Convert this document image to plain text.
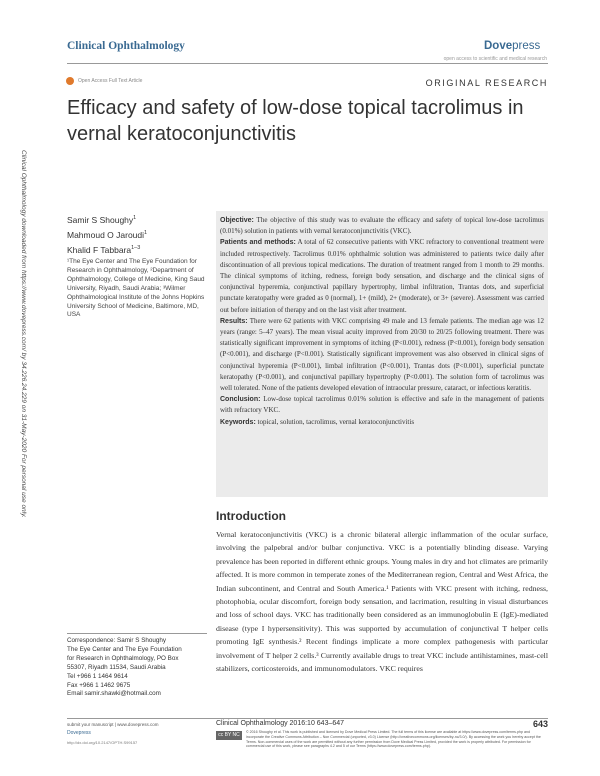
Clinical Ophthalmology	Dovepress
open access to scientific and medical research
Open Access Full Text Article	ORIGINAL RESEARCH
Efficacy and safety of low-dose topical tacrolimus in vernal keratoconjunctivitis
Clinical Ophthalmology downloaded from https://www.dovepress.com/ by 34.226.24.229 on 31-May-2020 For personal use only.	Samir S Shoughy$^1$
Mahmoud O Jaroudi$^1$
Khalid F Tabbara$^{1-3}$
¹The Eye Center and The Eye Foundation for Research in Ophthalmology, ²Department of Ophthalmology, College of Medicine, King Saud University, Riyadh, Saudi Arabia; ³Wilmer Ophthalmological Institute of the Johns Hopkins University School of Medicine, Baltimore, MD, USA

Objective: The objective of this study was to evaluate the efficacy and safety of topical low-dose tacrolimus (0.01%) solution in patients with vernal keratoconjunctivitis (VKC).

Patients and methods: A total of 62 consecutive patients with VKC refractory to conventional treatment were included retrospectively. Tacrolimus 0.01% ophthalmic solution was administered to patients twice daily after discontinuation of all previous topical medications. The duration of treatment ranged from 1 month to 29 months. The clinical symptoms of itching, redness, foreign body sensation, and discharge and the clinical signs of conjunctival hyperemia, conjunctival papillary hypertrophy, limbal infiltration, Trantas dots, and superficial punctate keratopathy were graded as 0 (normal), 1+ (mild), 2+ (moderate), or 3+ (severe). Assessment was carried out before initiation of therapy and on the last visit after treatment.

Results: There were 62 patients with VKC comprising 49 male and 13 female patients. The median age was 12 years (range: 5–47 years). The mean visual acuity improved from 20/30 to 20/25 following treatment. There was statistically significant improvement in symptoms of itching (P<0.001), redness (P<0.001), foreign body sensation (P<0.001), and discharge (P<0.001). Statistically significant improvement was also observed in clinical signs of conjunctival hyperemia (P<0.001), limbal infiltration (P<0.001), Trantas dots (P<0.001), superficial punctate keratopathy (P<0.001), and conjunctival papillary hypertrophy (P<0.001). The solution form of tacrolimus was well tolerated. None of the patients developed elevation of intraocular pressure, cataract, or infectious keratitis.

Conclusion: Low-dose topical tacrolimus 0.01% solution is effective and safe in the management of patients with refractory VKC.

Keywords: topical, solution, tacrolimus, vernal keratoconjunctivitis

Introduction
Vernal keratoconjunctivitis (VKC) is a chronic bilateral allergic inflammation of the ocular surface, involving the palpebral and/or bulbar conjunctiva. VKC is a potentially blinding disease. Varying prevalence has been reported in different ethnic groups. Young males in dry and hot climates are primarily affected. It is more common in temperate zones of the Mediterranean region, Central and West Africa, the Indian subcontinent, and Central and South America.¹ Patients with VKC present with itching, redness, photophobia, ocular discomfort, foreign body sensation, and lacrimation, resulting in visual disturbances and loss of school days. VKC has traditionally been considered as an immunoglobulin E (IgE)-mediated disease (type I hypersensitivity). This was supported by accumulation of conjunctival T helper cells promoting IgE synthesis.² Recent findings implicate a more complex pathogenesis with particular involvement of T helper 2 cells.³ Currently available drugs to treat VKC include antihistamines, mast-cell stabilizers, corticosteroids, and immunomodulators. VKC requires
Correspondence: Samir S Shoughy
The Eye Center and The Eye Foundation
for Research in Ophthalmology, PO Box
55307, Riyadh 11534, Saudi Arabia
Tel +966 1 1464 9614
Fax +966 1 1462 9675
Email samir.shawki@hotmail.com
submit your manuscript | www.dovepress.com
Dovepress
http://dx.doi.org/10.2147/OPTH.S99157
Clinical Ophthalmology 2016:10 643–647	643
cc BY NC	© 2016 Shoughy et al. This work is published and licensed by Dove Medical Press Limited. The full terms of this license are available at https://www.dovepress.com/terms.php and incorporate the Creative Commons Attribution – Non Commercial (unported, v3.0) License (http://creativecommons.org/licenses/by-nc/3.0/). By accessing the work you hereby accept the Terms. Non-commercial uses of the work are permitted without any further permission from Dove Medical Press Limited, provided the work is properly attributed. For permission for commercial use of this work, please see paragraphs 4.2 and 5 of our Terms (https://www.dovepress.com/terms.php).
